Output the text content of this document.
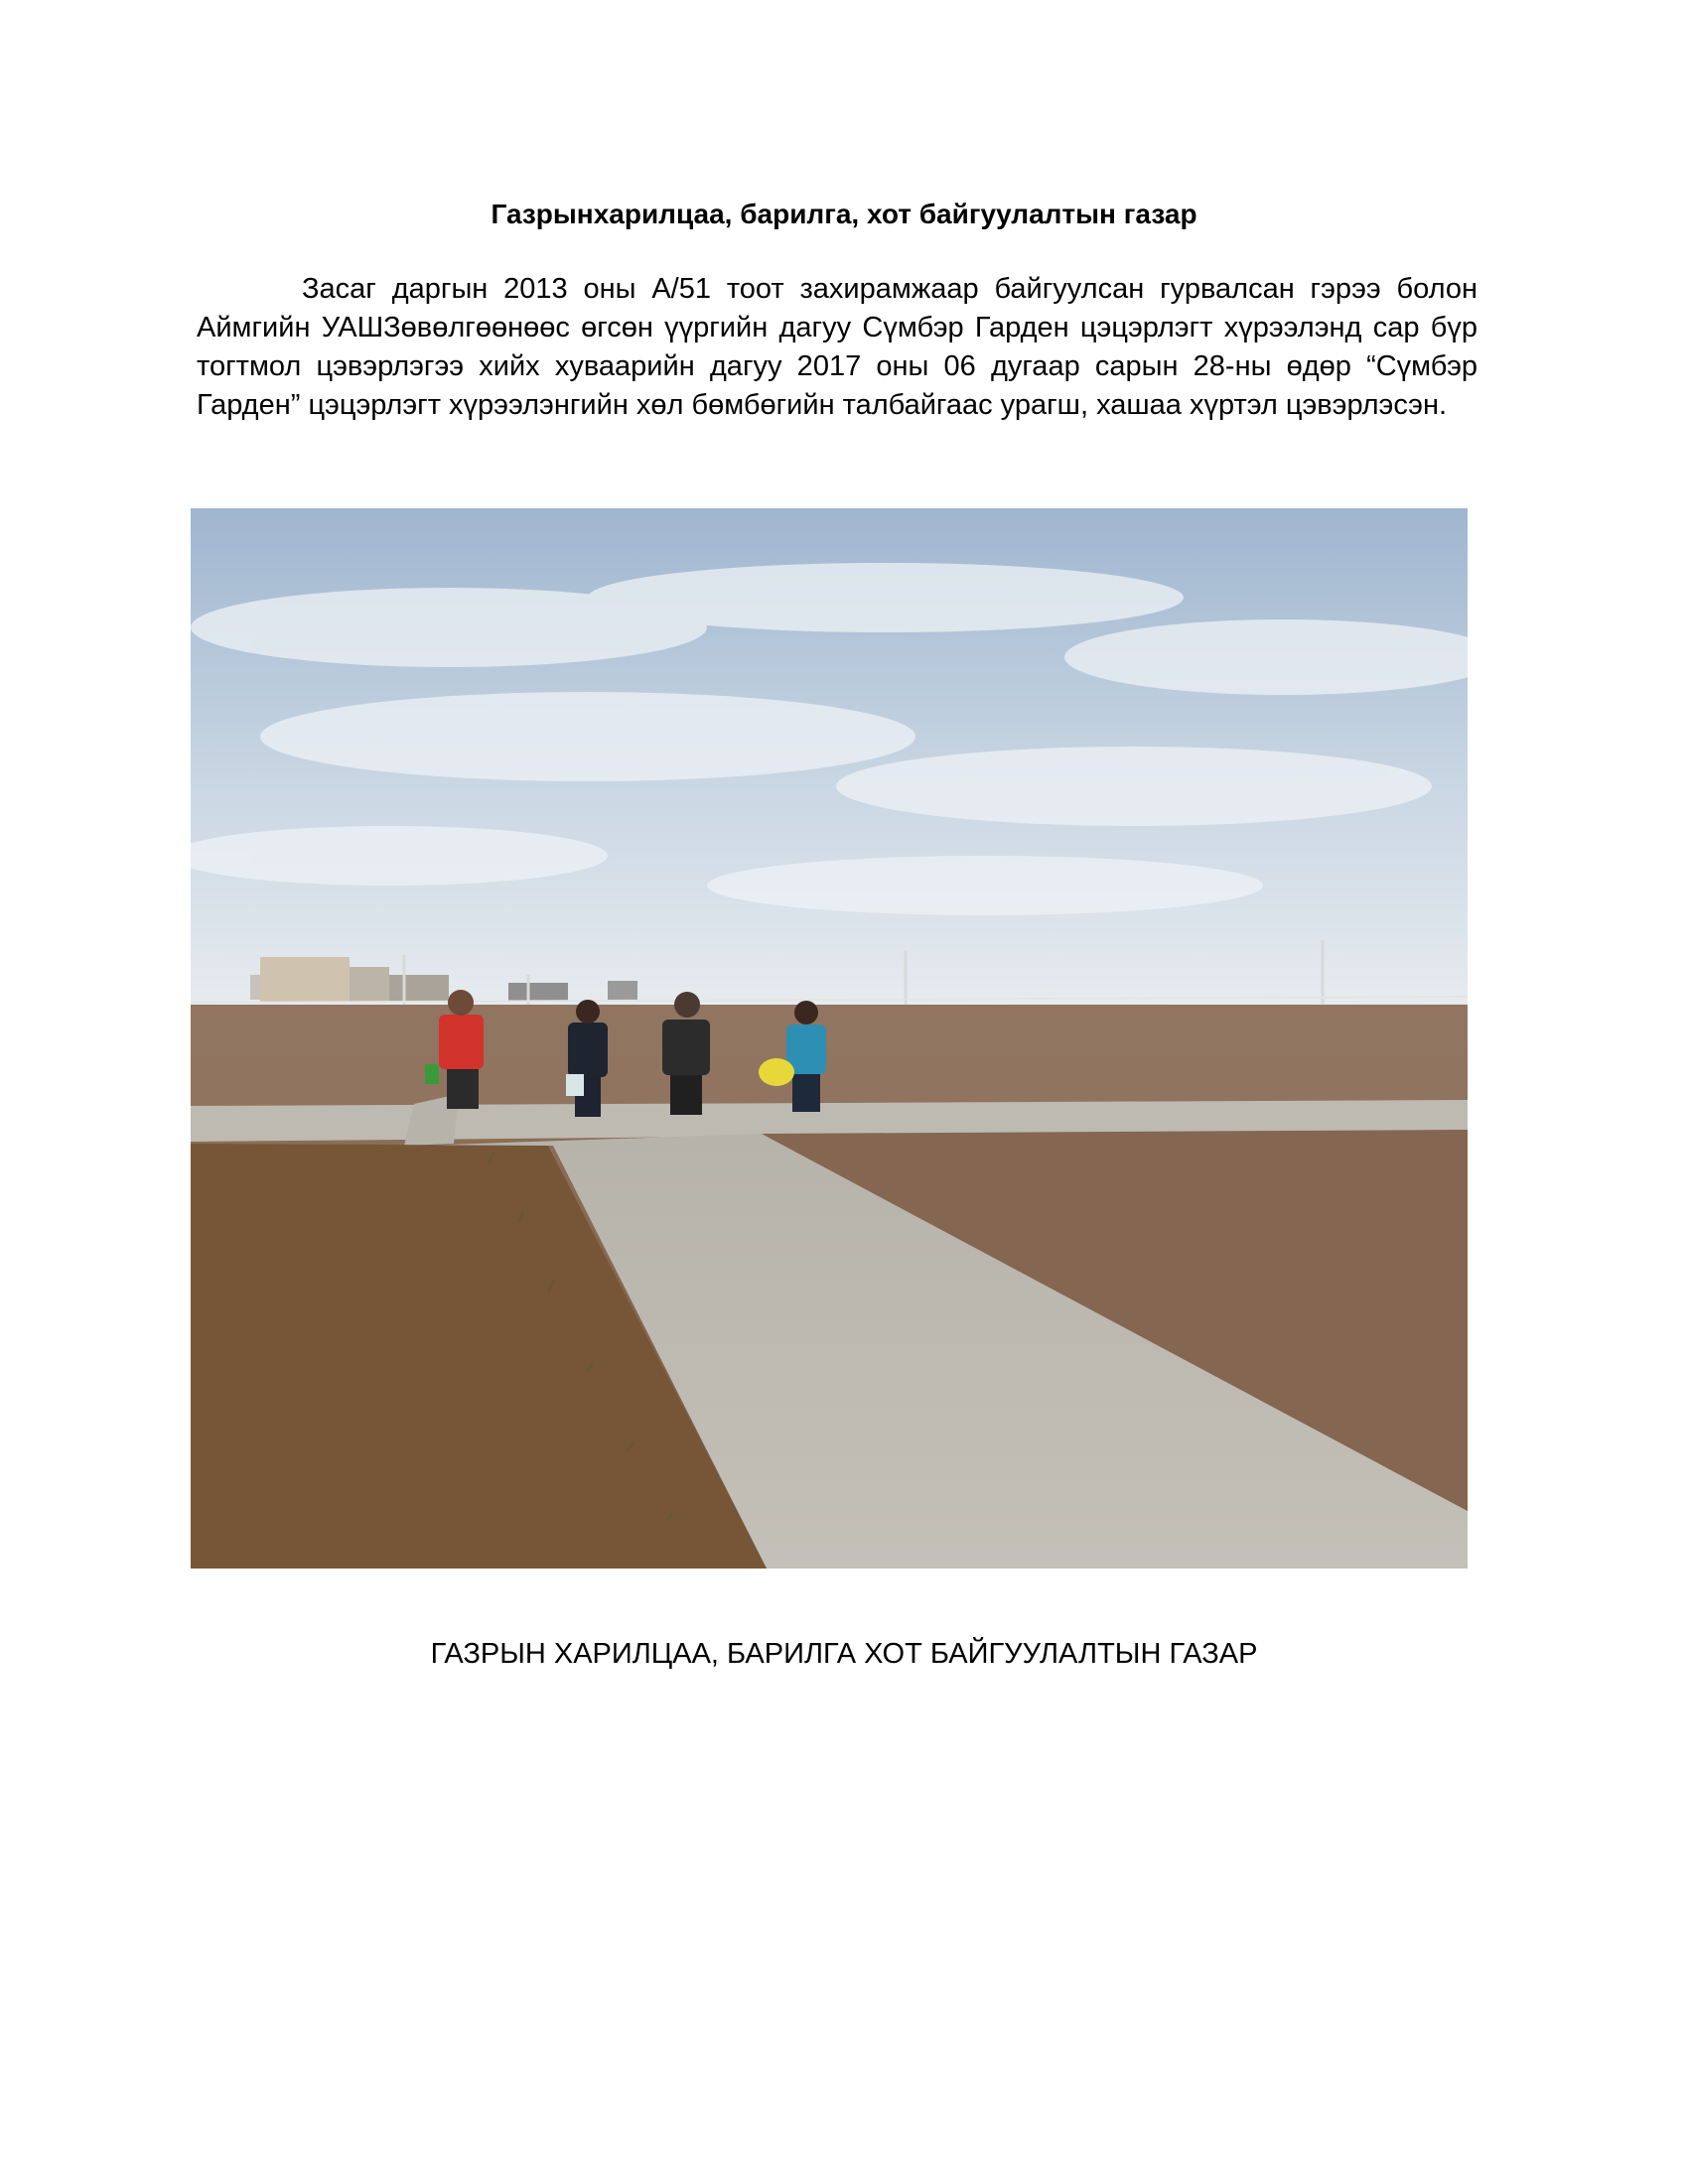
Газрынхарилцаа, барилга, хот байгуулалтын газар

Засаг даргын 2013 оны А/51 тоот захирамжаар байгуулсан гурвалсан гэрээ болон Аймгийн УАШЗөвөлгөөнөөс өгсөн үүргийн дагуу Сүмбэр Гарден цэцэрлэгт хүрээлэнд сар бүр тогтмол цэвэрлэгээ хийх хуваарийн дагуу 2017 оны 06 дугаар сарын 28-ны өдөр “Сүмбэр Гарден” цэцэрлэгт хүрээлэнгийн хөл бөмбөгийн талбайгаас урагш, хашаа хүртэл цэвэрлэсэн.

ГАЗРЫН ХАРИЛЦАА, БАРИЛГА ХОТ БАЙГУУЛАЛТЫН ГАЗАР
